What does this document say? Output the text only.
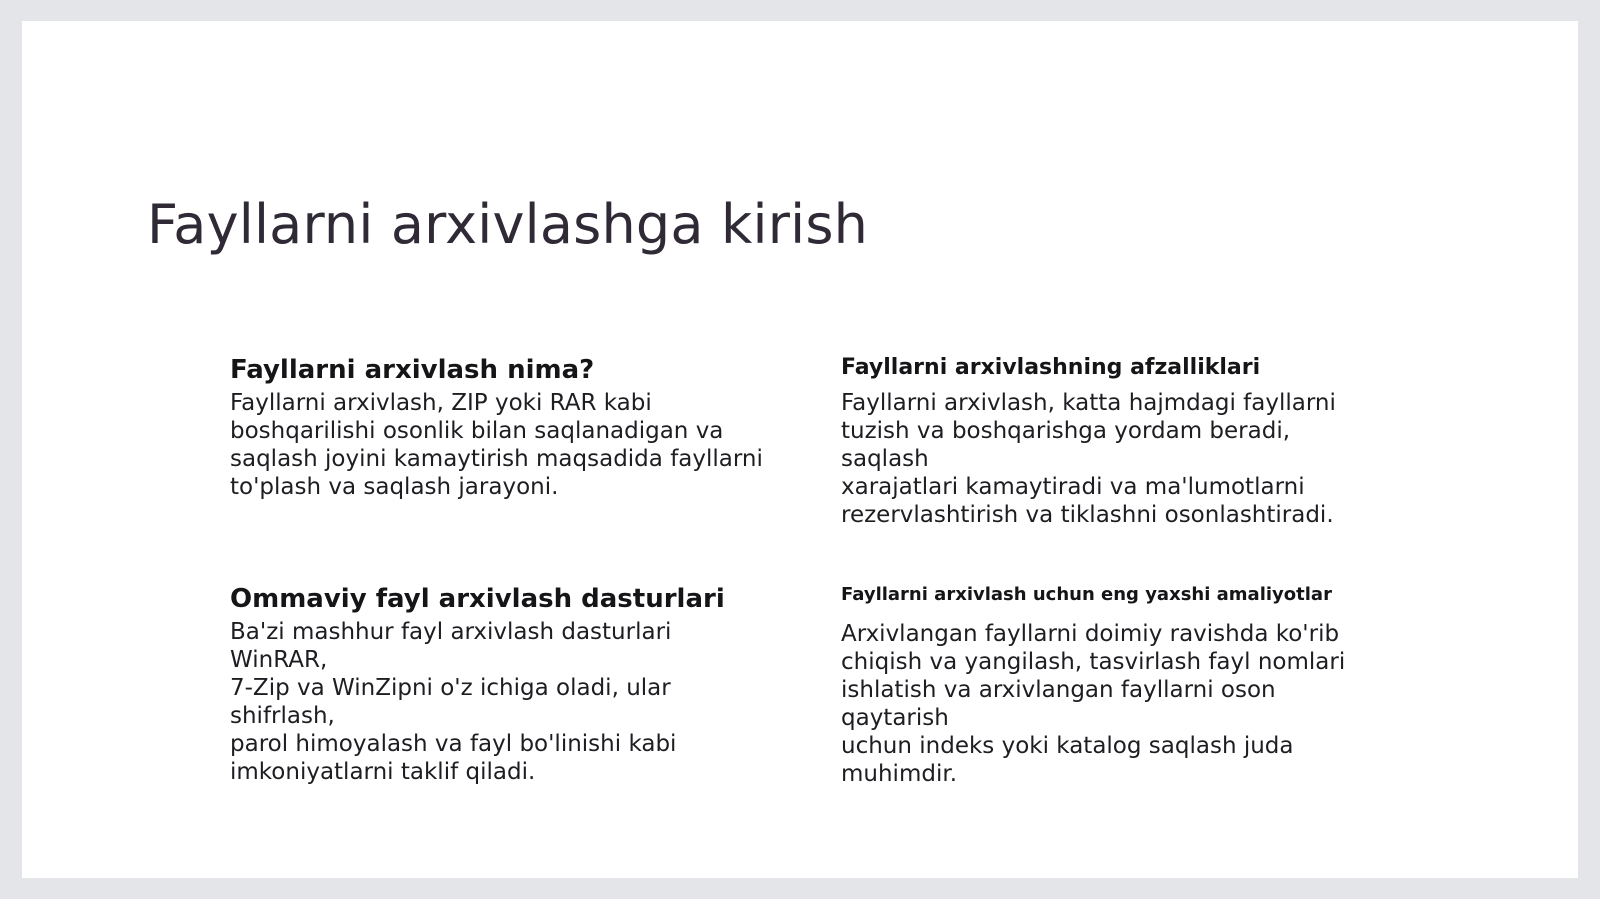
Fayllarni arxivlashga kirish
Fayllarni arxivlash nima?

Fayllarni arxivlash, ZIP yoki RAR kabi
boshqarilishi osonlik bilan saqlanadigan va
saqlash joyini kamaytirish maqsadida fayllarni
to'plash va saqlash jarayoni.

Fayllarni arxivlashning afzalliklari

Fayllarni arxivlash, katta hajmdagi fayllarni
tuzish va boshqarishga yordam beradi, saqlash
xarajatlari kamaytiradi va ma'lumotlarni
rezervlashtirish va tiklashni osonlashtiradi.

Ommaviy fayl arxivlash dasturlari

Ba'zi mashhur fayl arxivlash dasturlari WinRAR,
7-Zip va WinZipni o'z ichiga oladi, ular shifrlash,
parol himoyalash va fayl bo'linishi kabi
imkoniyatlarni taklif qiladi.

Fayllarni arxivlash uchun eng yaxshi amaliyotlar

Arxivlangan fayllarni doimiy ravishda ko'rib
chiqish va yangilash, tasvirlash fayl nomlari
ishlatish va arxivlangan fayllarni oson qaytarish
uchun indeks yoki katalog saqlash juda
muhimdir.
